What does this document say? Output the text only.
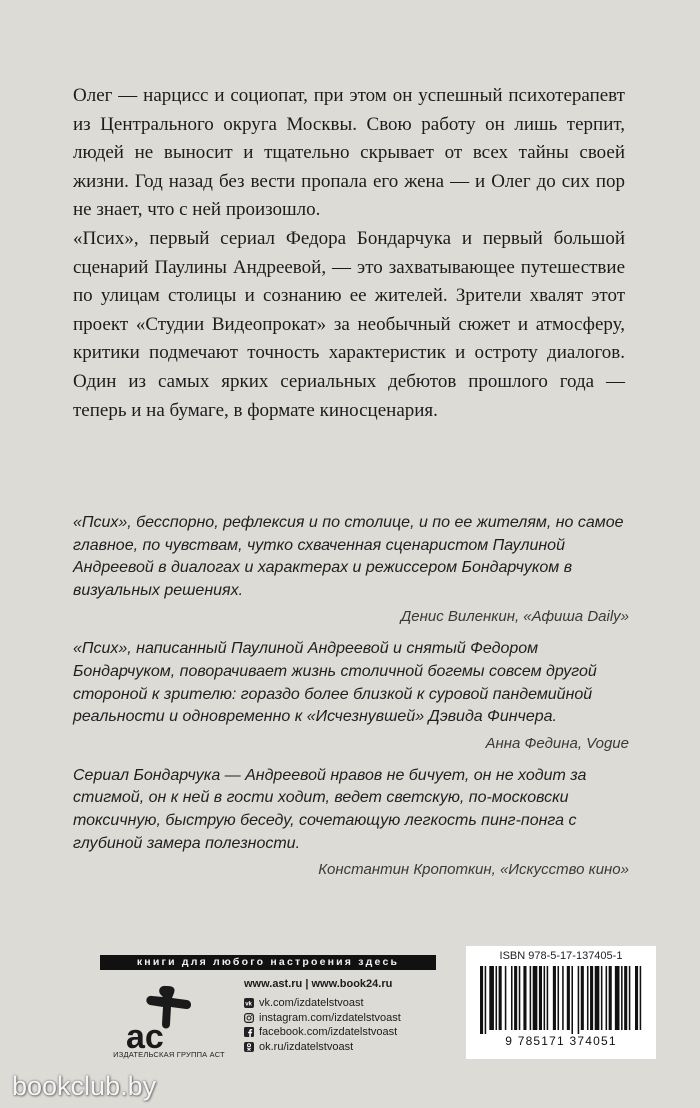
Олег — нарцисс и социопат, при этом он успешный психотерапевт из Центрального округа Москвы. Свою работу он лишь терпит, людей не выносит и тщательно скрывает от всех тайны своей жизни. Год назад без вести пропала его жена — и Олег до сих пор не знает, что с ней произошло.

«Псих», первый сериал Федора Бондарчука и первый большой сценарий Паулины Андреевой, — это захватывающее путешествие по улицам столицы и сознанию ее жителей. Зрители хвалят этот проект «Студии Видеопрокат» за необычный сюжет и атмосферу, критики подмечают точность характеристик и остроту диалогов. Один из самых ярких сериальных дебютов прошлого года — теперь и на бумаге, в формате киносценария.

«Псих», бесспорно, рефлексия и по столице, и по ее жителям, но самое главное, по чувствам, чутко схваченная сценаристом Паулиной Андреевой в диалогах и характерах и режиссером Бондарчуком в визуальных решениях.
Денис Виленкин, «Афиша Daily»
«Псих», написанный Паулиной Андреевой и снятый Федором Бондарчуком, поворачивает жизнь столичной богемы совсем другой стороной к зрителю: гораздо более близкой к суровой пандемийной реальности и одновременно к «Исчезнувшей» Дэвида Финчера.
Анна Федина, Vogue
Сериал Бондарчука — Андреевой нравов не бичует, он не ходит за стигмой, он к ней в гости ходит, ведет светскую, по-московски токсичную, быструю беседу, сочетающую легкость пинг-понга с глубиной замера полезности.
Константин Кропоткин, «Искусство кино»
книги для любого настроения здесь
ac
ИЗДАТЕЛЬСКАЯ ГРУППА АСТ
www.ast.ru | www.book24.ru
vk vk.com/izdatelstvoast
instagram.com/izdatelstvoast
facebook.com/izdatelstvoast
ok.ru/izdatelstvoast
ISBN 978-5-17-137405-1
9 785171 374051
bookclub.by
